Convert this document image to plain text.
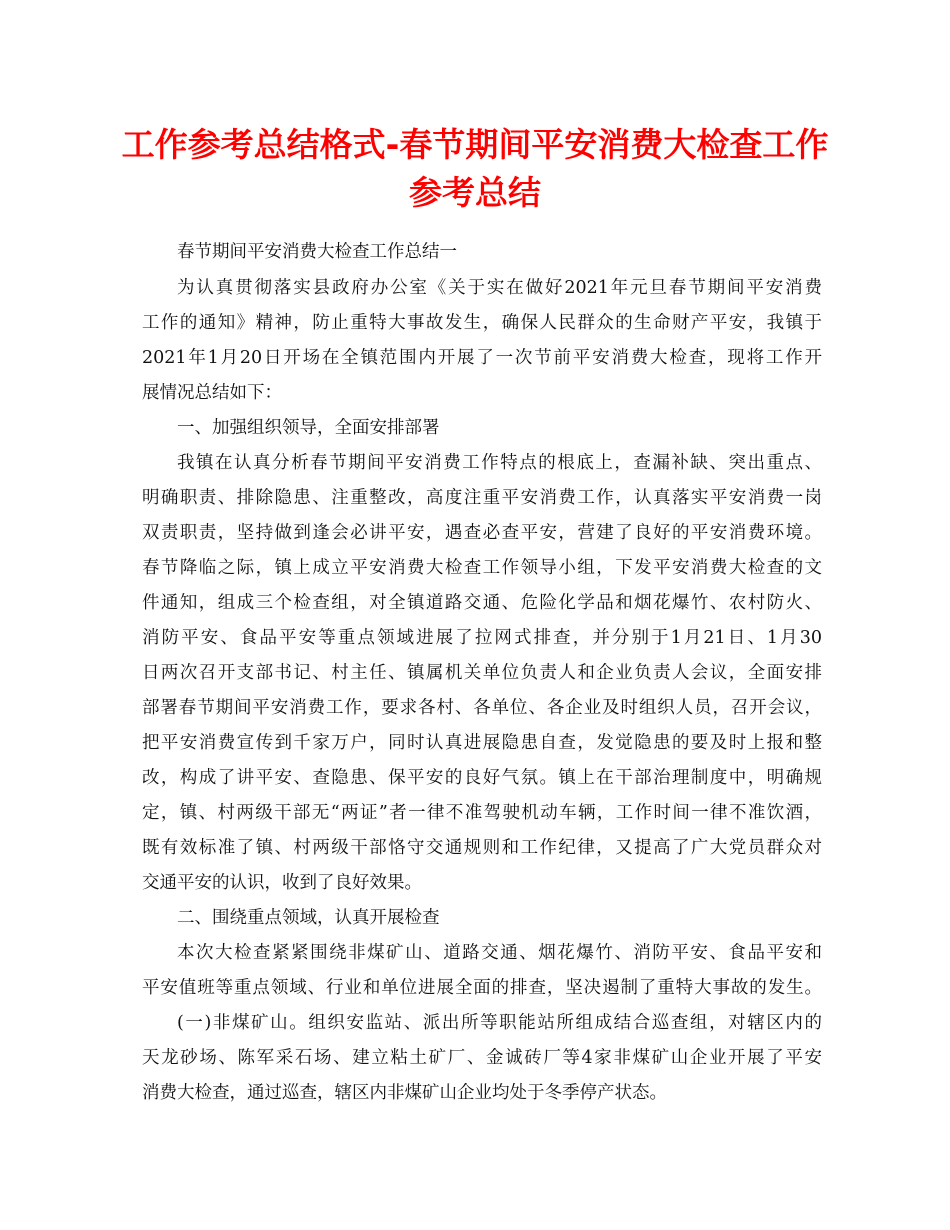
工作参考总结格式-春节期间平安消费大检查工作
参考总结
春节期间平安消费大检查工作总结一
为认真贯彻落实县政府办公室《关于实在做好2021年元旦春节期间平安消费
工作的通知》精神，防止重特大事故发生，确保人民群众的生命财产平安，我镇于
2021年1月20日开场在全镇范围内开展了一次节前平安消费大检查，现将工作开
展情况总结如下：
一、加强组织领导，全面安排部署
我镇在认真分析春节期间平安消费工作特点的根底上，查漏补缺、突出重点、
明确职责、排除隐患、注重整改，高度注重平安消费工作，认真落实平安消费一岗
双责职责，坚持做到逢会必讲平安，遇查必查平安，营建了良好的平安消费环境。
春节降临之际，镇上成立平安消费大检查工作领导小组，下发平安消费大检查的文
件通知，组成三个检查组，对全镇道路交通、危险化学品和烟花爆竹、农村防火、
消防平安、食品平安等重点领域进展了拉网式排查，并分别于1月21日、1月30
日两次召开支部书记、村主任、镇属机关单位负责人和企业负责人会议，全面安排
部署春节期间平安消费工作，要求各村、各单位、各企业及时组织人员，召开会议，
把平安消费宣传到千家万户，同时认真进展隐患自查，发觉隐患的要及时上报和整
改，构成了讲平安、查隐患、保平安的良好气氛。镇上在干部治理制度中，明确规
定，镇、村两级干部无“两证”者一律不准驾驶机动车辆，工作时间一律不准饮酒，
既有效标准了镇、村两级干部恪守交通规则和工作纪律，又提高了广大党员群众对
交通平安的认识，收到了良好效果。
二、围绕重点领域，认真开展检查
本次大检查紧紧围绕非煤矿山、道路交通、烟花爆竹、消防平安、食品平安和
平安值班等重点领域、行业和单位进展全面的排查，坚决遏制了重特大事故的发生。
(一)非煤矿山。组织安监站、派出所等职能站所组成结合巡查组，对辖区内的
天龙砂场、陈军采石场、建立粘土矿厂、金诚砖厂等4家非煤矿山企业开展了平安
消费大检查，通过巡查，辖区内非煤矿山企业均处于冬季停产状态。
